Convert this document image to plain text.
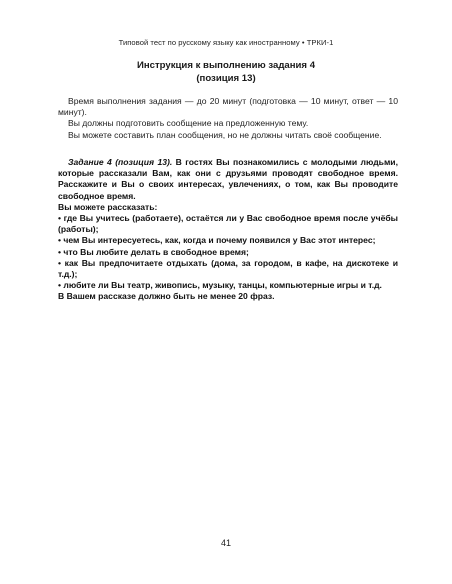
Типовой тест по русскому языку как иностранному • ТРКИ-1
Инструкция к выполнению задания 4
(позиция 13)

Время выполнения задания — до 20 минут (подготовка — 10 минут, ответ — 10 минут).

Вы должны подготовить сообщение на предложенную тему.

Вы можете составить план сообщения, но не должны читать своё сообщение.

Задание 4 (позиция 13). В гостях Вы познакомились с молодыми людьми, которые рассказали Вам, как они с друзьями проводят свободное время. Расскажите и Вы о своих интересах, увлечениях, о том, как Вы проводите свободное время.

Вы можете рассказать:

• где Вы учитесь (работаете), остаётся ли у Вас свободное время после учёбы (работы);

• чем Вы интересуетесь, как, когда и почему появился у Вас этот интерес;

• что Вы любите делать в свободное время;

• как Вы предпочитаете отдыхать (дома, за городом, в кафе, на дискотеке и т.д.);

• любите ли Вы театр, живопись, музыку, танцы, компьютерные игры и т.д.

В Вашем рассказе должно быть не менее 20 фраз.

41
